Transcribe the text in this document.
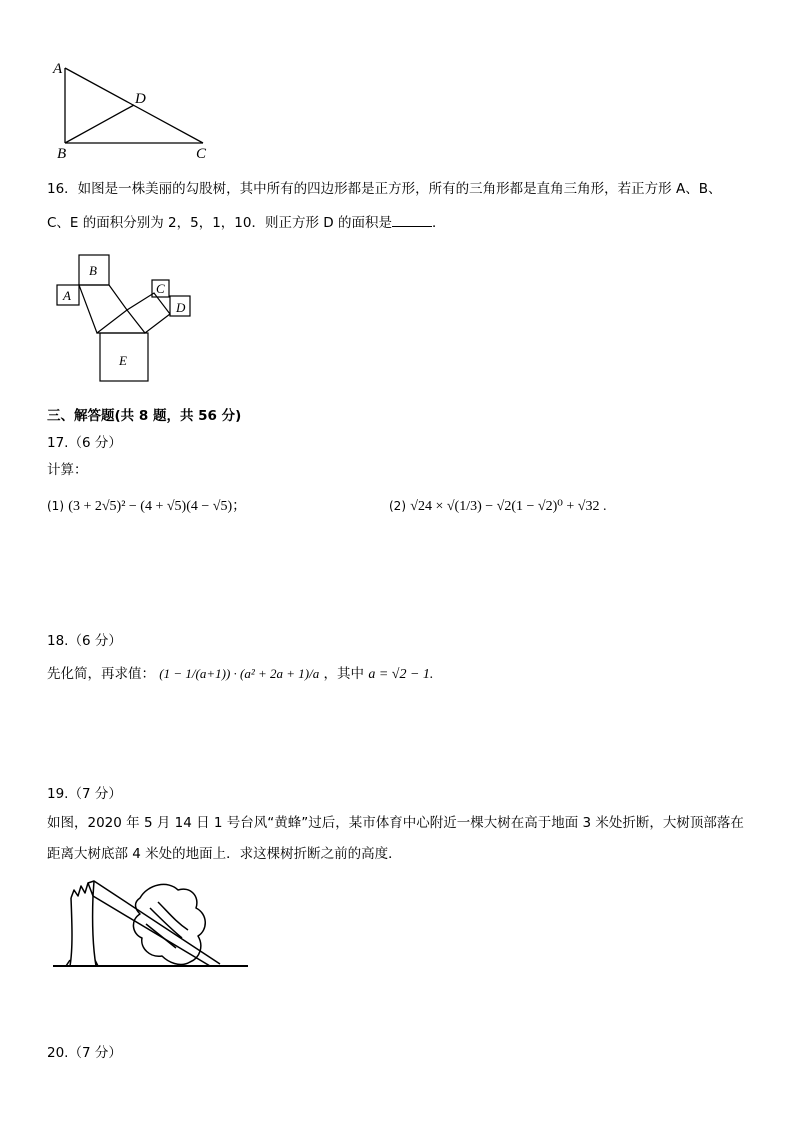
A
D
B	C
16．如图是一株美丽的勾股树，其中所有的四边形都是正方形，所有的三角形都是直角三角形，若正方形 A、B、
C、E 的面积分别为 2，5，1，10．则正方形 D 的面积是	．
B
A	C
D
E
三、解答题(共 8 题，共 56 分)
17.（6 分）
计算：
(1) (3 + 2√5)² − (4 + √5)(4 − √5)；	(2) √24 × √(1/3) − √2(1 − √2)⁰ + √32 .
18.（6 分）
先化简，再求值： (1 − 1/(a+1)) · (a² + 2a + 1)/a ，其中 a = √2 − 1.
19.（7 分）
如图，2020 年 5 月 14 日 1 号台风“黄蜂”过后，某市体育中心附近一棵大树在高于地面 3 米处折断，大树顶部落在
距离大树底部 4 米处的地面上．求这棵树折断之前的高度．
20.（7 分）
